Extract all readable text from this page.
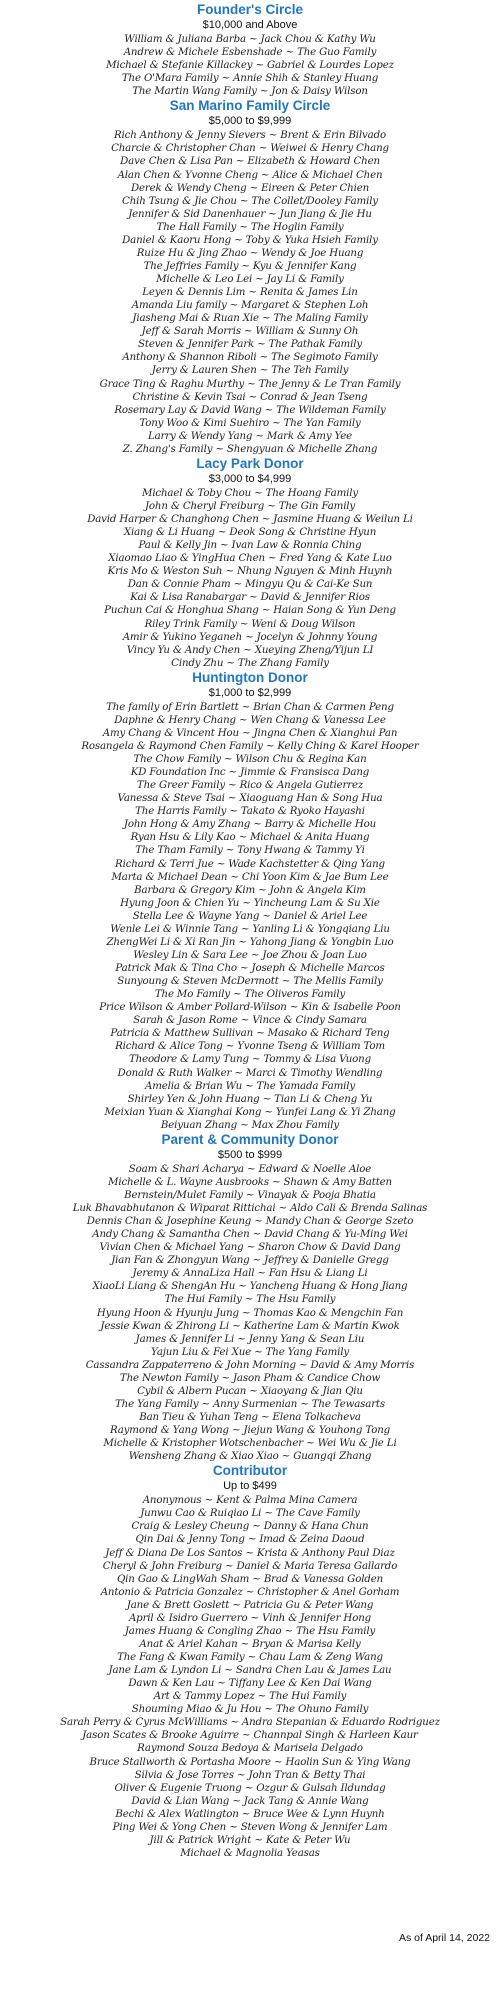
Founder's Circle
$10,000 and Above
William & Juliana Barba ~ Jack Chou & Kathy Wu
Andrew & Michele Esbenshade ~ The Guo Family
Michael & Stefanie Killackey ~ Gabriel & Lourdes Lopez
The O'Mara Family ~ Annie Shih & Stanley Huang
The Martin Wang Family ~ Jon & Daisy Wilson
San Marino Family Circle
$5,000 to $9,999
Rich Anthony & Jenny Sievers ~ Brent & Erin Bilvado
Charcie & Christopher Chan ~ Weiwei & Henry Chang
Dave Chen & Lisa Pan ~ Elizabeth & Howard Chen
Alan Chen & Yvonne Cheng ~ Alice & Michael Chen
Derek & Wendy Cheng ~ Eireen & Peter Chien
Chih Tsung & Jie Chou ~ The Collet/Dooley Family
Jennifer & Sid Danenhauer ~ Jun Jiang & Jie Hu
The Hall Family ~ The Hoglin Family
Daniel & Kaoru Hong ~ Toby & Yuka Hsieh Family
Ruize Hu & Jing Zhao ~ Wendy & Joe Huang
The Jeffries Family ~ Kyu & Jennifer Kang
Michelle & Leo Lei ~ Jay Li & Family
Leyen & Dennis Lim ~ Renita & James Lin
Amanda Liu family ~ Margaret & Stephen Loh
Jiasheng Mai & Ruan Xie ~ The Maling Family
Jeff & Sarah Morris ~ William & Sunny Oh
Steven & Jennifer Park ~ The Pathak Family
Anthony & Shannon Riboli ~ The Segimoto Family
Jerry & Lauren Shen ~ The Teh Family
Grace Ting & Raghu Murthy ~ The Jenny & Le Tran Family
Christine & Kevin Tsai ~ Conrad & Jean Tseng
Rosemary Lay & David Wang ~ The Wildeman Family
Tony Woo & Kimi Suehiro ~ The Yan Family
Larry & Wendy Yang ~ Mark & Amy Yee
Z. Zhang's Family ~ Shengyuan & Michelle Zhang
Lacy Park Donor
$3,000 to $4,999
Michael & Toby Chou ~ The Hoang Family
John & Cheryl Freiburg ~ The Gin Family
David Harper & Changhong Chen ~ Jasmine Huang & Weilun Li
Xiang & Li Huang ~ Deok Song & Christine Hyun
Paul & Kelly Jin ~ Ivan Law & Ronnia Ching
Xiaomao Liao & YingHua Chen ~ Fred Yang & Kate Luo
Kris Mo & Weston Suh ~ Nhung Nguyen & Minh Huynh
Dan & Connie Pham ~ Mingyu Qu & Cai-Ke Sun
Kai & Lisa Ranabargar ~ David & Jennifer Rios
Puchun Cai & Honghua Shang ~ Haian Song & Yun Deng
Riley Trink Family ~ Weni & Doug Wilson
Amir & Yukino Yeganeh ~ Jocelyn & Johnny Young
Vincy Yu & Andy Chen ~ Xueying Zheng/Yijun LI
Cindy Zhu ~ The Zhang Family
Huntington Donor
$1,000 to $2,999
The family of Erin Bartlett ~ Brian Chan & Carmen Peng
Daphne & Henry Chang ~ Wen Chang & Vanessa Lee
Amy Chang & Vincent Hou ~ Jingna Chen & Xianghui Pan
Rosangela & Raymond Chen Family ~ Kelly Ching & Karel Hooper
The Chow Family ~ Wilson Chu & Regina Kan
KD Foundation Inc ~ Jimmie & Fransisca Dang
The Greer Family ~ Rico & Angela Gutierrez
Vanessa & Steve Tsai ~ Xiaoguang Han & Song Hua
The Harris Family ~ Takato & Ryoko Hayashi
John Hong & Amy Zhang ~ Barry & Michelle Hou
Ryan Hsu & Lily Kao ~ Michael & Anita Huang
The Tham Family ~ Tony Hwang & Tammy Yi
Richard & Terri Jue ~ Wade Kachstetter & Qing Yang
Marta & Michael Dean ~ Chi Yoon Kim & Jae Bum Lee
Barbara & Gregory Kim ~ John & Angela Kim
Hyung Joon & Chien Yu ~ Yincheung Lam & Su Xie
Stella Lee & Wayne Yang ~ Daniel & Ariel Lee
Wenle Lei & Winnie Tang ~ Yanling Li & Yongqiang Liu
ZhengWei Li & Xi Ran Jin ~ Yahong Jiang & Yongbin Luo
Wesley Lin & Sara Lee ~ Joe Zhou & Joan Luo
Patrick Mak & Tina Cho ~ Joseph & Michelle Marcos
Sunyoung & Steven McDermott ~ The Mellis Family
The Mo Family ~ The Oliveros Family
Price Wilson & Amber Pollard-Wilson ~ Kin & Isabelle Poon
Sarah & Jason Rome ~ Vince & Cindy Samara
Patricia & Matthew Sullivan ~ Masako & Richard Teng
Richard & Alice Tong ~ Yvonne Tseng & William Tom
Theodore & Lamy Tung ~ Tommy & Lisa Vuong
Donald & Ruth Walker ~ Marci & Timothy Wendling
Amelia & Brian Wu ~ The Yamada Family
Shirley Yen & John Huang ~ Tian Li & Cheng Yu
Meixian Yuan & Xianghai Kong ~ Yunfei Lang & Yi Zhang
Beiyuan Zhang ~ Max Zhou Family
Parent & Community Donor
$500 to $999
Soam & Shari Acharya ~ Edward & Noelle Aloe
Michelle & L. Wayne Ausbrooks ~ Shawn & Amy Batten
Bernstein/Mulet Family ~ Vinayak & Pooja Bhatia
Luk Bhavabhutanon & Wiparat Rittichai ~ Aldo Cali & Brenda Salinas
Dennis Chan & Josephine Keung ~ Mandy Chan & George Szeto
Andy Chang & Samantha Chen ~ David Chang & Yu-Ming Wei
Vivian Chen & Michael Yang ~ Sharon Chow & David Dang
Jian Fan & Zhongyun Wang ~ Jeffrey & Danielle Gregg
Jeremy & AnnaLiza Hall ~ Fan Hsu & Liang Li
XiaoLi Liang & ShengAn Hu ~ Yancheng Huang & Hong Jiang
The Hui Family ~ The Hsu Family
Hyung Hoon & Hyunju Jung ~ Thomas Kao & Mengchin Fan
Jessie Kwan & Zhirong Li ~ Katherine Lam & Martin Kwok
James & Jennifer Li ~ Jenny Yang & Sean Liu
Yajun Liu & Fei Xue ~ The Yang Family
Cassandra Zappaterreno & John Morning ~ David & Amy Morris
The Newton Family ~ Jason Pham & Candice Chow
Cybil & Albern Pucan ~ Xiaoyang & Jian Qiu
The Yang Family ~ Anny Surmenian ~ The Tewasarts
Ban Tieu & Yuhan Teng ~ Elena Tolkacheva
Raymond & Yang Wong ~ Jiejun Wang & Youhong Tong
Michelle & Kristopher Wotschenbacher ~ Wei Wu & Jie Li
Wensheng Zhang & Xiao Xiao ~ Guangqi Zhang
Contributor
Up to $499
Anonymous ~ Kent & Palma Mina Camera
Junwu Cao & Ruiqiao Li ~ The Cave Family
Craig & Lesley Cheung ~ Danny & Hana Chun
Qin Dai & Jenny Tong ~ Imad & Zeina Daoud
Jeff & Diana De Los Santos ~ Krista & Anthony Paul Diaz
Cheryl & John Freiburg ~ Daniel & Maria Teresa Gallardo
Qin Gao & LingWah Sham ~ Brad & Vanessa Golden
Antonio & Patricia Gonzalez ~ Christopher & Anel Gorham
Jane & Brett Goslett ~ Patricia Gu & Peter Wang
April & Isidro Guerrero ~ Vinh & Jennifer Hong
James Huang & Congling Zhao ~ The Hsu Family
Anat & Ariel Kahan ~ Bryan & Marisa Kelly
The Fang & Kwan Family ~ Chau Lam & Zeng Wang
Jane Lam & Lyndon Li ~ Sandra Chen Lau & James Lau
Dawn & Ken Lau ~ Tiffany Lee & Ken Dai Wang
Art & Tammy Lopez ~ The Hui Family
Shouming Miao & Ju Hou ~ The Ohuno Family
Sarah Perry & Cyrus McWilliams ~ Andra Stepanian & Eduardo Rodriguez
Jason Scates & Brooke Aguirre ~ Channpal Singh & Harleen Kaur
Raymond Souza Bedoya & Marisela Delgado
Bruce Stallworth & Portasha Moore ~ Haolin Sun & Ying Wang
Silvia & Jose Torres ~ John Tran & Betty Thai
Oliver & Eugenie Truong ~ Ozgur & Gulsah Ildundag
David & Lian Wang ~ Jack Tang & Annie Wang
Bechi & Alex Watlington ~ Bruce Wee & Lynn Huynh
Ping Wei & Yong Chen ~ Steven Wong & Jennifer Lam
Jill & Patrick Wright ~ Kate & Peter Wu
Michael & Magnolia Yeasas
As of April 14, 2022
